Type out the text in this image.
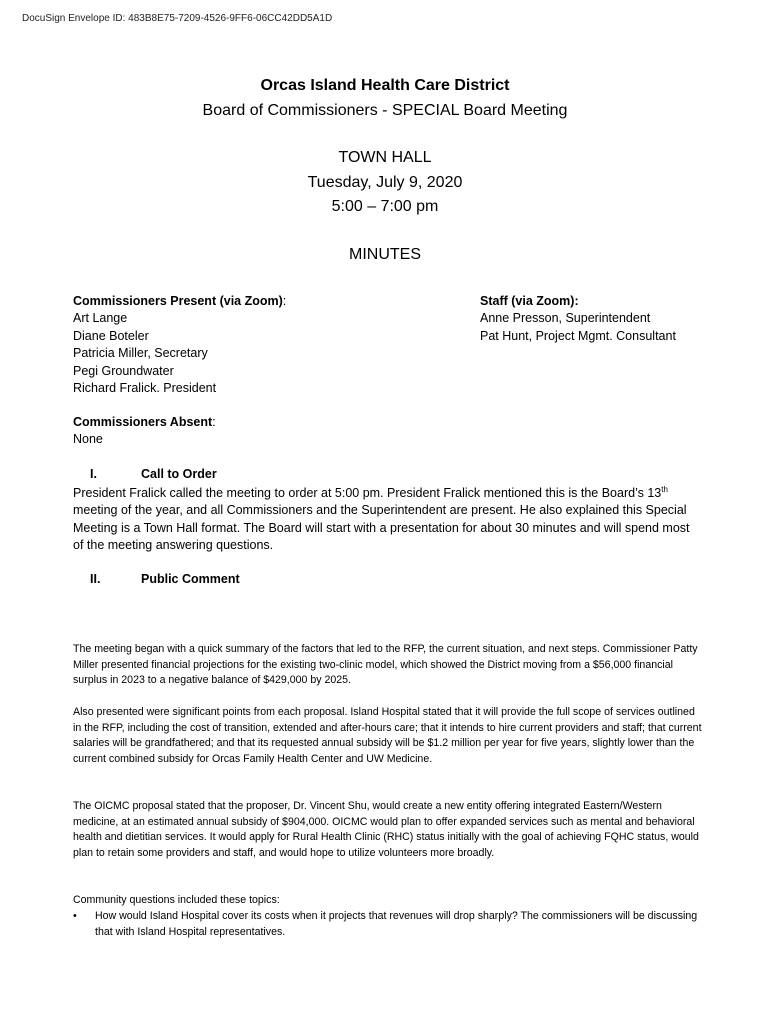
DocuSign Envelope ID: 483B8E75-7209-4526-9FF6-06CC42DD5A1D
Orcas Island Health Care District
Board of Commissioners - SPECIAL Board Meeting
TOWN HALL
Tuesday, July 9, 2020
5:00 – 7:00 pm
MINUTES
Commissioners Present (via Zoom):
Art Lange
Diane Boteler
Patricia Miller, Secretary
Pegi Groundwater
Richard Fralick. President
Staff (via Zoom):
Anne Presson, Superintendent
Pat Hunt, Project Mgmt. Consultant
Commissioners Absent:
None
I.	Call to Order
President Fralick called the meeting to order at 5:00 pm. President Fralick mentioned this is the Board’s 13th meeting of the year, and all Commissioners and the Superintendent are present. He also explained this Special Meeting is a Town Hall format. The Board will start with a presentation for about 30 minutes and will spend most of the meeting answering questions.
II.	Public Comment
The meeting began with a quick summary of the factors that led to the RFP, the current situation, and next steps. Commissioner Patty Miller presented financial projections for the existing two-clinic model, which showed the District moving from a $56,000 financial surplus in 2023 to a negative balance of $429,000 by 2025.
Also presented were significant points from each proposal. Island Hospital stated that it will provide the full scope of services outlined in the RFP, including the cost of transition, extended and after-hours care; that it intends to hire current providers and staff; that current salaries will be grandfathered; and that its requested annual subsidy will be $1.2 million per year for five years, slightly lower than the current combined subsidy for Orcas Family Health Center and UW Medicine.
The OICMC proposal stated that the proposer, Dr. Vincent Shu, would create a new entity offering integrated Eastern/Western medicine, at an estimated annual subsidy of $904,000. OICMC would plan to offer expanded services such as mental and behavioral health and dietitian services. It would apply for Rural Health Clinic (RHC) status initially with the goal of achieving FQHC status, would plan to retain some providers and staff, and would hope to utilize volunteers more broadly.
Community questions included these topics:
• How would Island Hospital cover its costs when it projects that revenues will drop sharply? The commissioners will be discussing that with Island Hospital representatives.
